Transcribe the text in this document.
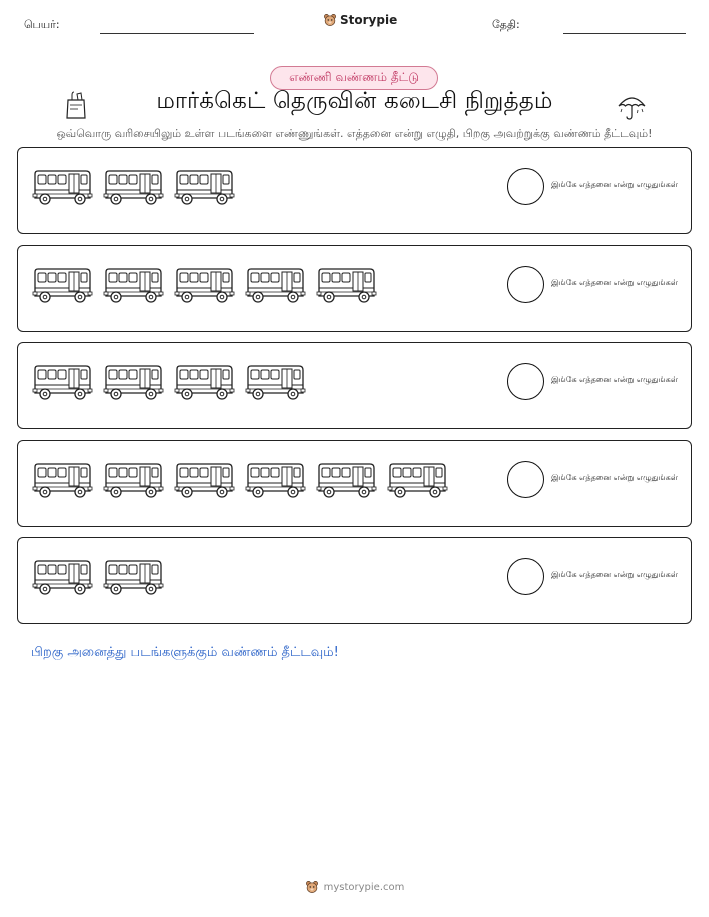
பெயர்:	Storypie	தேதி:
எண்ணி வண்ணம் தீட்டு
மார்க்கெட் தெருவின் கடைசி நிறுத்தம்
ஒவ்வொரு வரிசையிலும் உள்ள படங்களை எண்ணுங்கள். எத்தனை என்று எழுதி, பிறகு அவற்றுக்கு வண்ணம் தீட்டவும்!
இங்கே எத்தனை என்று எழுதுங்கள்
இங்கே எத்தனை என்று எழுதுங்கள்
இங்கே எத்தனை என்று எழுதுங்கள்
இங்கே எத்தனை என்று எழுதுங்கள்
இங்கே எத்தனை என்று எழுதுங்கள்
பிறகு அனைத்து படங்களுக்கும் வண்ணம் தீட்டவும்!
mystorypie.com
